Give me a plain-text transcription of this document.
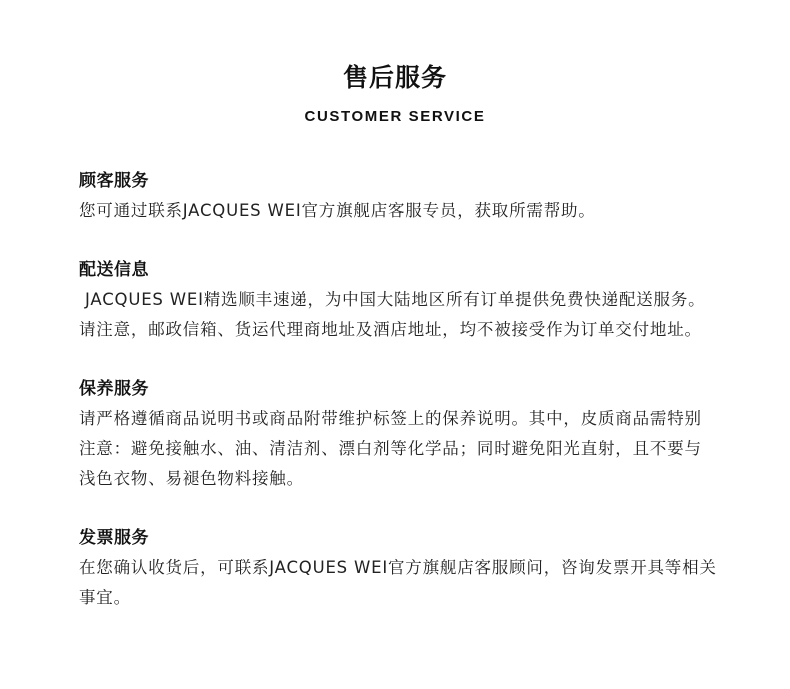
售后服务
CUSTOMER SERVICE
顾客服务
您可通过联系JACQUES WEI官方旗舰店客服专员，获取所需帮助。
配送信息
JACQUES WEI精选顺丰速递，为中国大陆地区所有订单提供免费快递配送服务。
请注意，邮政信箱、货运代理商地址及酒店地址，均不被接受作为订单交付地址。
保养服务
请严格遵循商品说明书或商品附带维护标签上的保养说明。其中，皮质商品需特别注意：避免接触水、油、清洁剂、漂白剂等化学品；同时避免阳光直射，且不要与浅色衣物、易褪色物料接触。
发票服务
在您确认收货后，可联系JACQUES WEI官方旗舰店客服顾问，咨询发票开具等相关事宜。
